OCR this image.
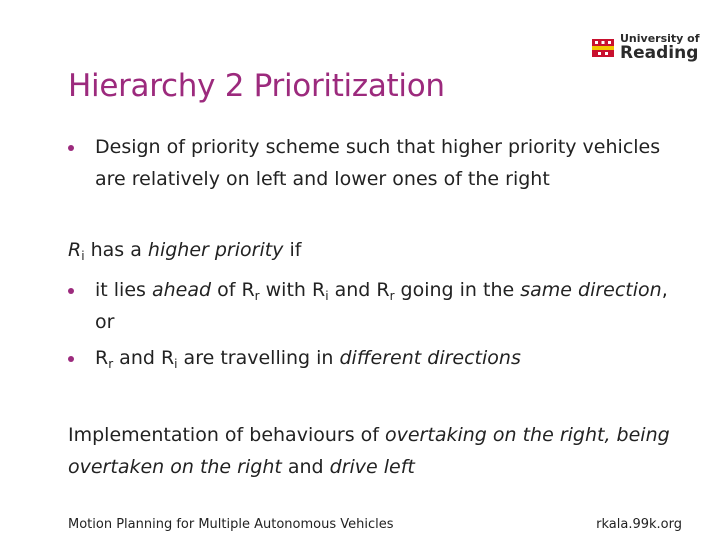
University of
Reading
Hierarchy 2 Prioritization
Design of priority scheme such that higher priority vehicles are relatively on left and lower ones of the right
$R_i$ has a higher priority if
it lies ahead of $R_r$ with $R_i$ and $R_r$ going in the same direction, or
$R_r$ and $R_i$ are travelling in different directions
Implementation of behaviours of overtaking on the right, being overtaken on the right and drive left
Motion Planning for Multiple Autonomous Vehicles	rkala.99k.org
